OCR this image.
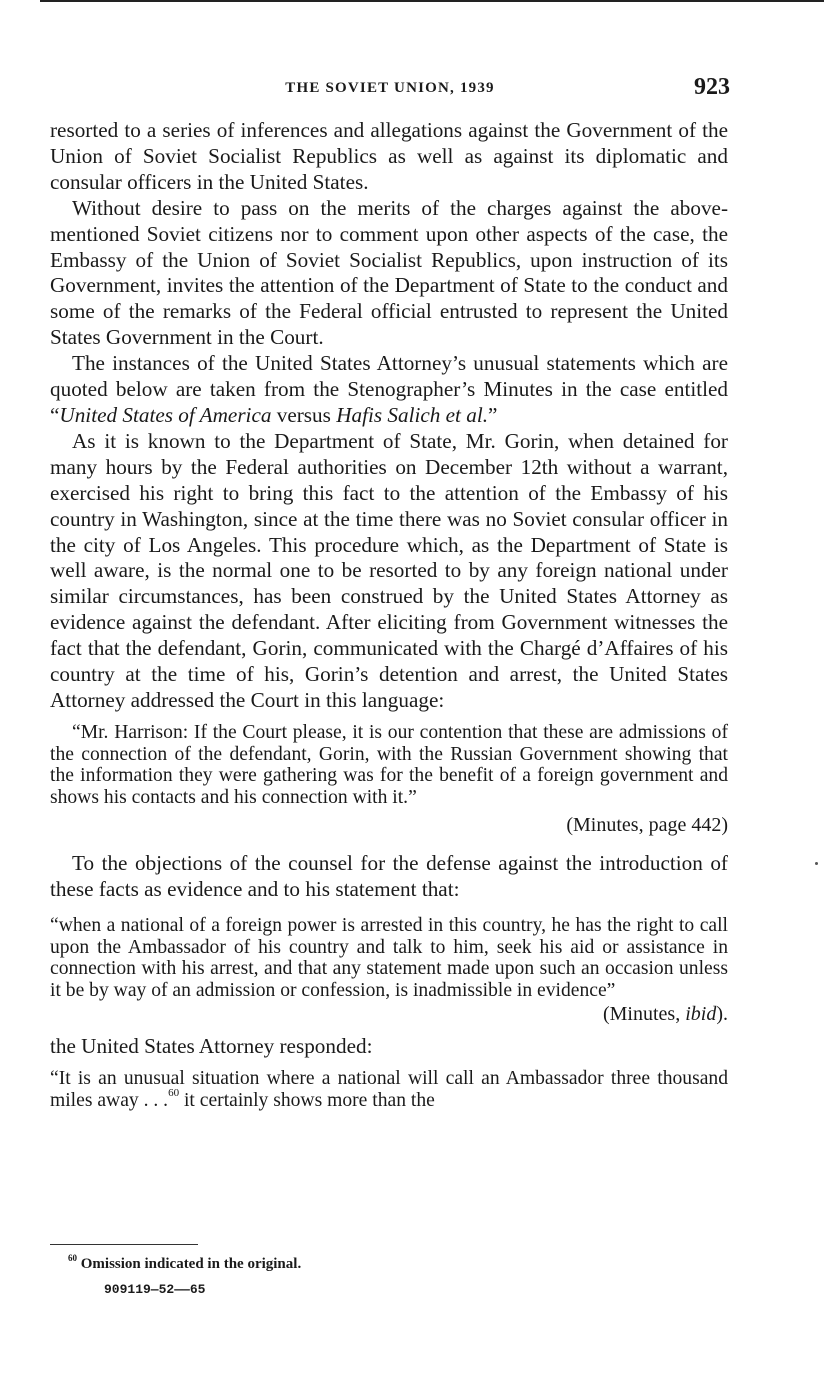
THE SOVIET UNION, 1939	923

resorted to a series of inferences and allegations against the Government of the Union of Soviet Socialist Republics as well as against its diplomatic and consular officers in the United States.

Without desire to pass on the merits of the charges against the above-mentioned Soviet citizens nor to comment upon other aspects of the case, the Embassy of the Union of Soviet Socialist Republics, upon instruction of its Government, invites the attention of the Department of State to the conduct and some of the remarks of the Federal official entrusted to represent the United States Government in the Court.

The instances of the United States Attorney’s unusual statements which are quoted below are taken from the Stenographer’s Minutes in the case entitled “United States of America versus Hafis Salich et al.”

As it is known to the Department of State, Mr. Gorin, when detained for many hours by the Federal authorities on December 12th without a warrant, exercised his right to bring this fact to the attention of the Embassy of his country in Washington, since at the time there was no Soviet consular officer in the city of Los Angeles. This procedure which, as the Department of State is well aware, is the normal one to be resorted to by any foreign national under similar circumstances, has been construed by the United States Attorney as evidence against the defendant. After eliciting from Government witnesses the fact that the defendant, Gorin, communicated with the Chargé d’Affaires of his country at the time of his, Gorin’s detention and arrest, the United States Attorney addressed the Court in this language:

“Mr. Harrison: If the Court please, it is our contention that these are admissions of the connection of the defendant, Gorin, with the Russian Government showing that the information they were gathering was for the benefit of a foreign government and shows his contacts and his connection with it.”

(Minutes, page 442)

To the objections of the counsel for the defense against the introduction of these facts as evidence and to his statement that:

“when a national of a foreign power is arrested in this country, he has the right to call upon the Ambassador of his country and talk to him, seek his aid or assistance in connection with his arrest, and that any statement made upon such an occasion unless it be by way of an admission or confession, is inadmissible in evidence”

(Minutes, ibid).

the United States Attorney responded:

“It is an unusual situation where a national will call an Ambassador three thousand miles away . . .$^{60}$ it certainly shows more than the

$^{60}$ Omission indicated in the original.
909119—52——65
